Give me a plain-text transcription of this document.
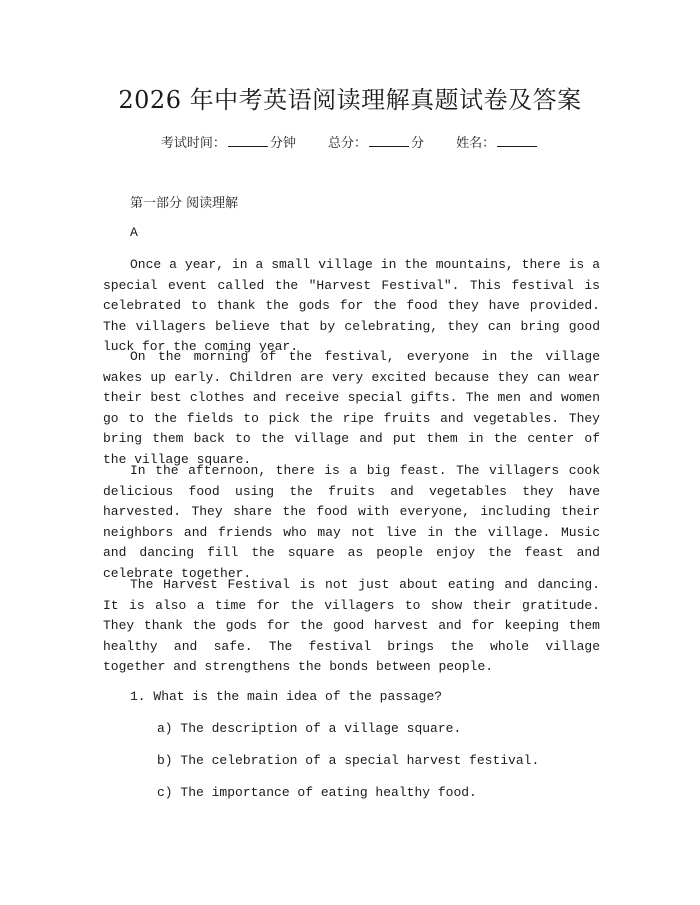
2026 年中考英语阅读理解真题试卷及答案
考试时间：	分钟 总分：	分 姓名：
第一部分 阅读理解
A

Once a year, in a small village in the mountains, there is a special event called the "Harvest Festival". This festival is celebrated to thank the gods for the food they have provided. The villagers believe that by celebrating, they can bring good luck for the coming year.

On the morning of the festival, everyone in the village wakes up early. Children are very excited because they can wear their best clothes and receive special gifts. The men and women go to the fields to pick the ripe fruits and vegetables. They bring them back to the village and put them in the center of the village square.

In the afternoon, there is a big feast. The villagers cook delicious food using the fruits and vegetables they have harvested. They share the food with everyone, including their neighbors and friends who may not live in the village. Music and dancing fill the square as people enjoy the feast and celebrate together.

The Harvest Festival is not just about eating and dancing. It is also a time for the villagers to show their gratitude. They thank the gods for the good harvest and for keeping them healthy and safe. The festival brings the whole village together and strengthens the bonds between people.

1. What is the main idea of the passage?
a) The description of a village square.
b) The celebration of a special harvest festival.
c) The importance of eating healthy food.
